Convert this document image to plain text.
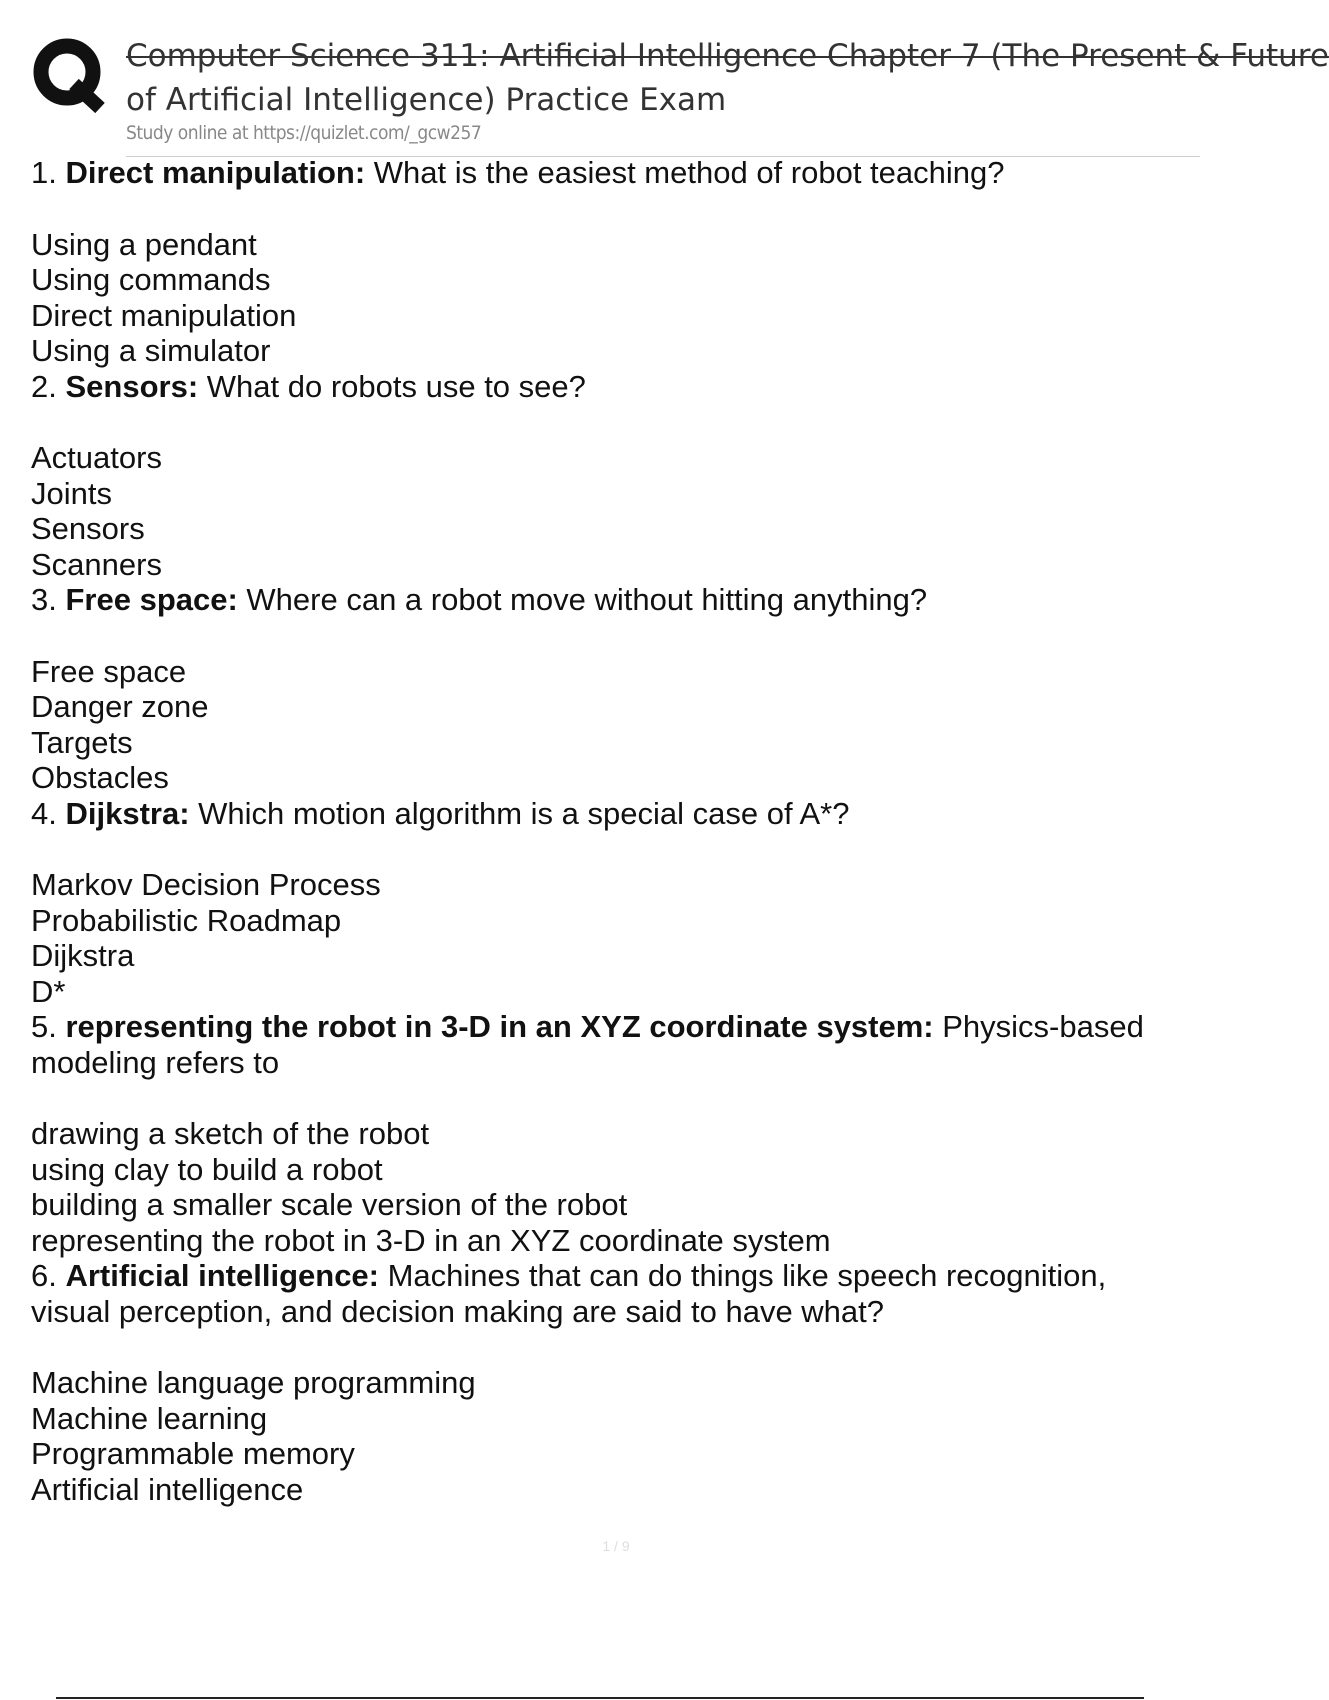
Computer Science 311: Artificial Intelligence Chapter 7 (The Present & Future
of Artificial Intelligence) Practice Exam
Study online at https://quizlet.com/_gcw257

1. Direct manipulation: What is the easiest method of robot teaching?

Using a pendant
Using commands
Direct manipulation
Using a simulator

2. Sensors: What do robots use to see?

Actuators
Joints
Sensors
Scanners

3. Free space: Where can a robot move without hitting anything?

Free space
Danger zone
Targets
Obstacles

4. Dijkstra: Which motion algorithm is a special case of A*?

Markov Decision Process
Probabilistic Roadmap
Dijkstra
D*

5. representing the robot in 3-D in an XYZ coordinate system: Physics-based modeling refers to

drawing a sketch of the robot
using clay to build a robot
building a smaller scale version of the robot
representing the robot in 3-D in an XYZ coordinate system

6. Artificial intelligence: Machines that can do things like speech recognition, visual perception, and decision making are said to have what?

Machine language programming
Machine learning
Programmable memory
Artificial intelligence
1 / 9
